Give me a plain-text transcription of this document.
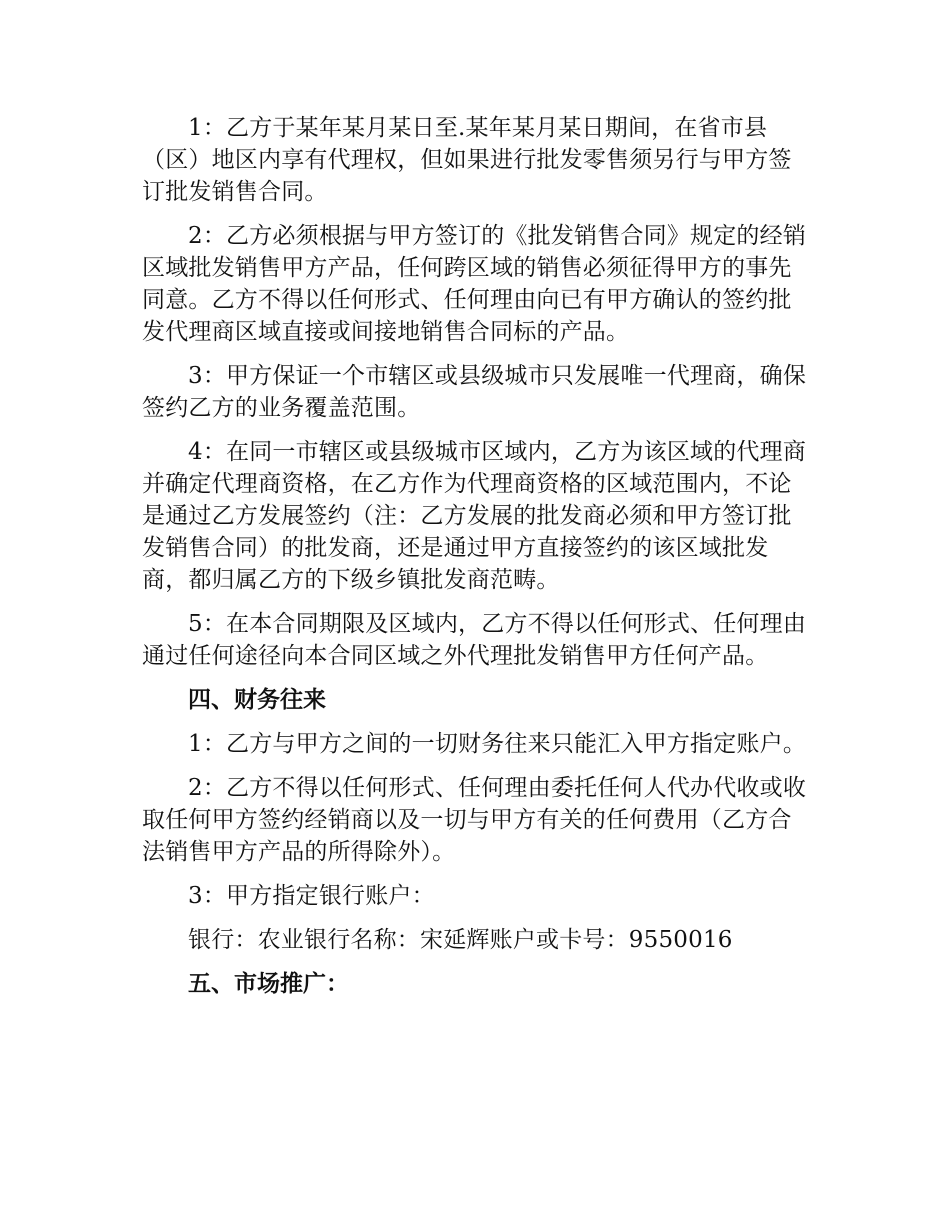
1：乙方于某年某月某日至.某年某月某日期间，在省市县（区）地区内享有代理权，但如果进行批发零售须另行与甲方签订批发销售合同。

2：乙方必须根据与甲方签订的《批发销售合同》规定的经销区域批发销售甲方产品，任何跨区域的销售必须征得甲方的事先同意。乙方不得以任何形式、任何理由向已有甲方确认的签约批发代理商区域直接或间接地销售合同标的产品。

3：甲方保证一个市辖区或县级城市只发展唯一代理商，确保签约乙方的业务覆盖范围。

4：在同一市辖区或县级城市区域内，乙方为该区域的代理商并确定代理商资格，在乙方作为代理商资格的区域范围内，不论是通过乙方发展签约（注：乙方发展的批发商必须和甲方签订批发销售合同）的批发商，还是通过甲方直接签约的该区域批发商，都归属乙方的下级乡镇批发商范畴。

5：在本合同期限及区域内，乙方不得以任何形式、任何理由通过任何途径向本合同区域之外代理批发销售甲方任何产品。

四、财务往来

1：乙方与甲方之间的一切财务往来只能汇入甲方指定账户。

2：乙方不得以任何形式、任何理由委托任何人代办代收或收取任何甲方签约经销商以及一切与甲方有关的任何费用（乙方合法销售甲方产品的所得除外）。

3：甲方指定银行账户：

银行：农业银行名称：宋延辉账户或卡号：9550016

五、市场推广：
